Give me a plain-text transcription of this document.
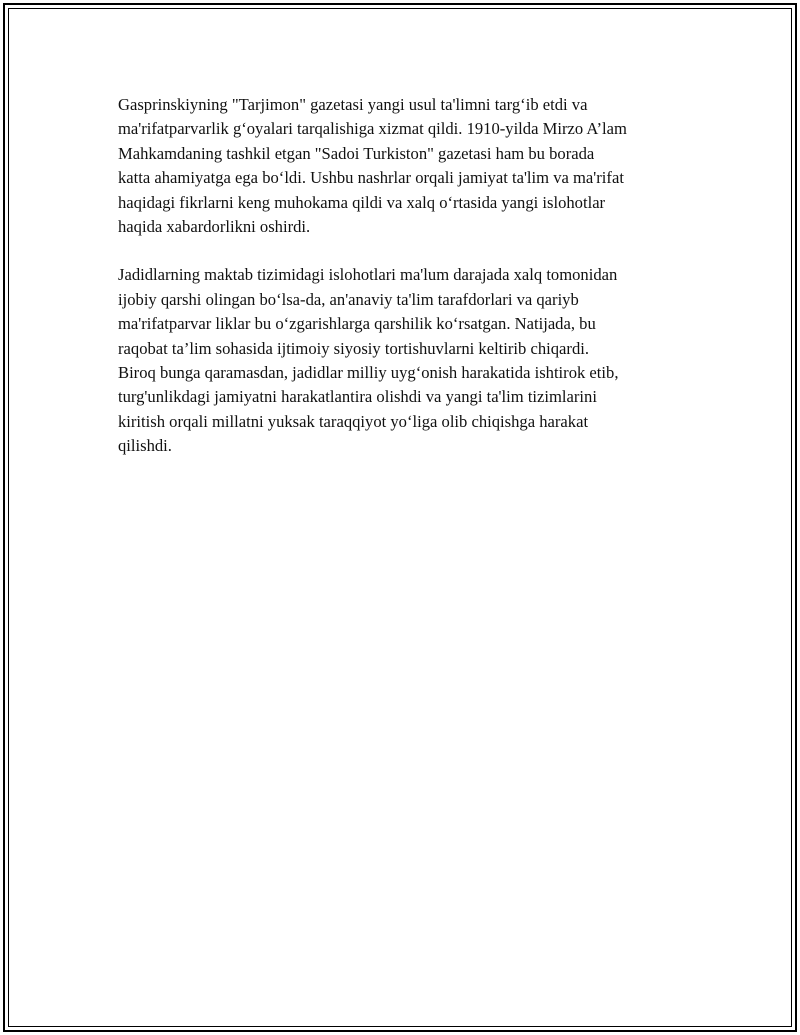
Gasprinskiyning "Tarjimon" gazetasi yangi usul ta'limni targ‘ib etdi va
ma'rifatparvarlik g‘oyalari tarqalishiga xizmat qildi. 1910-yilda Mirzo A’lam
Mahkamdaning tashkil etgan "Sadoi Turkiston" gazetasi ham bu borada
katta ahamiyatga ega bo‘ldi. Ushbu nashrlar orqali jamiyat ta'lim va ma'rifat
haqidagi fikrlarni keng muhokama qildi va xalq o‘rtasida yangi islohotlar
haqida xabardorlikni oshirdi.

Jadidlarning maktab tizimidagi islohotlari ma'lum darajada xalq tomonidan
ijobiy qarshi olingan bo‘lsa-da, an'anaviy ta'lim tarafdorlari va qariyb
ma'rifatparvar liklar bu o‘zgarishlarga qarshilik ko‘rsatgan. Natijada, bu
raqobat ta’lim sohasida ijtimoiy siyosiy tortishuvlarni keltirib chiqardi.
Biroq bunga qaramasdan, jadidlar milliy uyg‘onish harakatida ishtirok etib,
turg'unlikdagi jamiyatni harakatlantira olishdi va yangi ta'lim tizimlarini
kiritish orqali millatni yuksak taraqqiyot yo‘liga olib chiqishga harakat
qilishdi.
